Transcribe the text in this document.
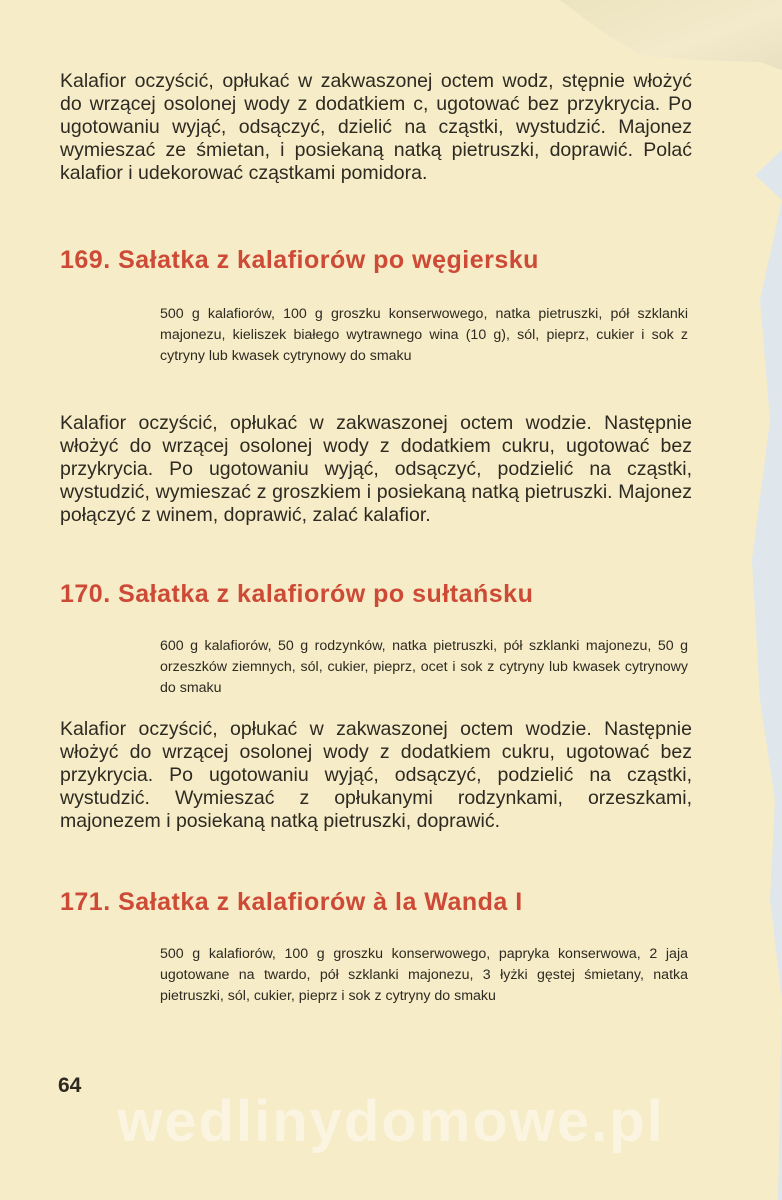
Kalafior oczyścić, opłukać w zakwaszonej octem wodz, stępnie włożyć do wrzącej osolonej wody z dodatkiem c, ugotować bez przykrycia. Po ugotowaniu wyjąć, odsączyć, dzielić na cząstki, wystudzić. Majonez wymieszać ze śmietan, i posiekaną natką pietruszki, doprawić. Polać kalafior i udekorować cząstkami pomidora.
169. Sałatka z kalafiorów po węgiersku
500 g kalafiorów, 100 g groszku konserwowego, natka pietruszki, pół szklanki majonezu, kieliszek białego wytrawnego wina (10 g), sól, pieprz, cukier i sok z cytryny lub kwasek cytrynowy do smaku
Kalafior oczyścić, opłukać w zakwaszonej octem wodzie. Następnie włożyć do wrzącej osolonej wody z dodatkiem cukru, ugotować bez przykrycia. Po ugotowaniu wyjąć, odsączyć, podzielić na cząstki, wystudzić, wymieszać z groszkiem i posiekaną natką pietruszki. Majonez połączyć z winem, doprawić, zalać kalafior.
170. Sałatka z kalafiorów po sułtańsku
600 g kalafiorów, 50 g rodzynków, natka pietruszki, pół szklanki majonezu, 50 g orzeszków ziemnych, sól, cukier, pieprz, ocet i sok z cytryny lub kwasek cytrynowy do smaku
Kalafior oczyścić, opłukać w zakwaszonej octem wodzie. Następnie włożyć do wrzącej osolonej wody z dodatkiem cukru, ugotować bez przykrycia. Po ugotowaniu wyjąć, odsączyć, podzielić na cząstki, wystudzić. Wymieszać z opłukanymi rodzynkami, orzeszkami, majonezem i posiekaną natką pietruszki, doprawić.
171. Sałatka z kalafiorów à la Wanda I
500 g kalafiorów, 100 g groszku konserwowego, papryka konserwowa, 2 jaja ugotowane na twardo, pół szklanki majonezu, 3 łyżki gęstej śmietany, natka pietruszki, sól, cukier, pieprz i sok z cytryny do smaku
64
wedlinydomowe.pl
